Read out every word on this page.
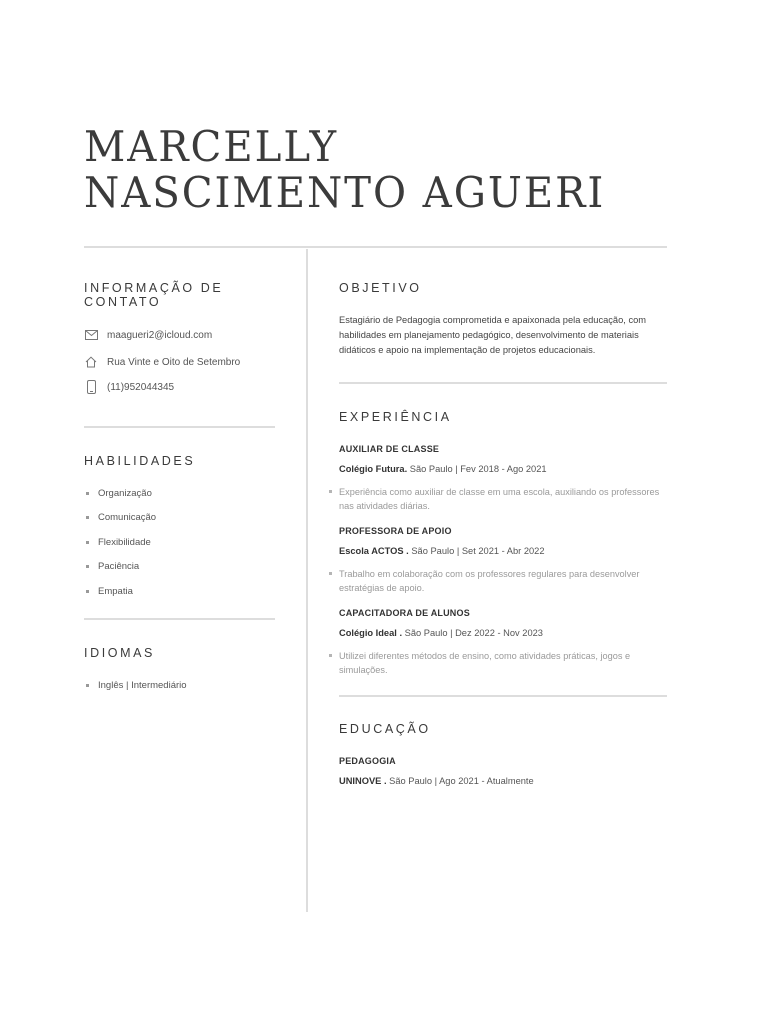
MARCELLY
NASCIMENTO AGUERI
INFORMAÇÃO DE
CONTATO
maagueri2@icloud.com
Rua Vinte e Oito de Setembro
(11)952044345
HABILIDADES
Organização
Comunicação
Flexibilidade
Paciência
Empatia
IDIOMAS
Inglês | Intermediário
OBJETIVO

Estagiário de Pedagogia comprometida e apaixonada pela educação, com habilidades em planejamento pedagógico, desenvolvimento de materiais didáticos e apoio na implementação de projetos educacionais.

EXPERIÊNCIA
AUXILIAR DE CLASSE
Colégio Futura. São Paulo | Fev 2018 - Ago 2021
Experiência como auxiliar de classe em uma escola, auxiliando os professores nas atividades diárias.
PROFESSORA DE APOIO
Escola ACTOS . São Paulo | Set 2021 - Abr 2022
Trabalho em colaboração com os professores regulares para desenvolver estratégias de apoio.
CAPACITADORA DE ALUNOS
Colégio Ideal . São Paulo | Dez 2022 - Nov 2023
Utilizei diferentes métodos de ensino, como atividades práticas, jogos e simulações.
EDUCAÇÃO
PEDAGOGIA
UNINOVE . São Paulo | Ago 2021 - Atualmente
